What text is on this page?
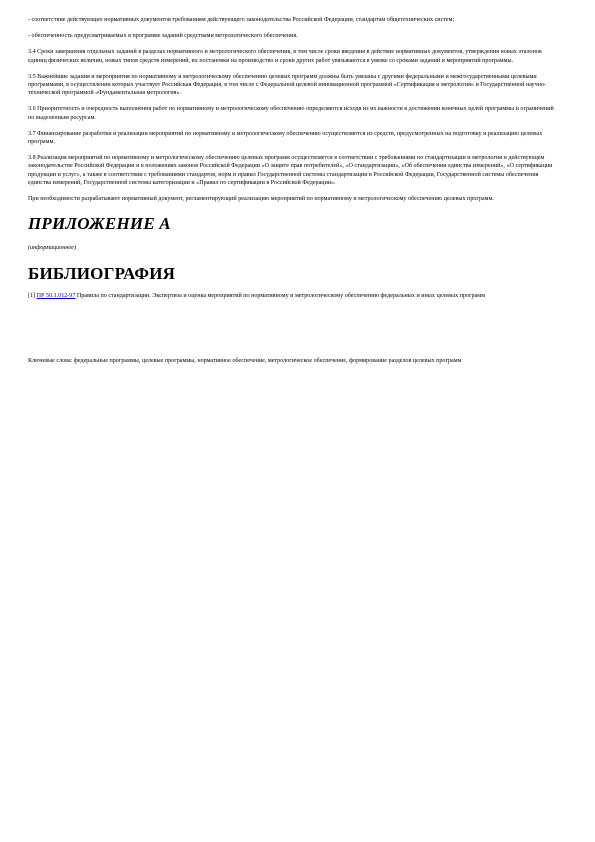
- соответствие действующих нормативных документов требованиям действующего законодательства Российской Федерации, стандартам общетехнических систем;

- обеспеченность предусматриваемых в программе заданий средствами метрологического обеспечения.

3.4 Сроки завершения отдельных заданий в разделах нормативного и метрологического обеспечения, в том числе сроки введения в действие нормативных документов, утверждения новых эталонов единиц физических величин, новых типов средств измерений, их постановки на производство и сроки других работ увязываются в увязке со сроками заданий и мероприятий программы.

3.5 Важнейшие задания и мероприятия по нормативному и метрологическому обеспечению целевых программ должны быть увязаны с другими федеральными и межгосударственными целевыми программами, в осуществлении которых участвует Российская Федерация, в том числе с Федеральной целевой инновационной программой «Сертификация и метрология» и Государственной научно-технической программой «Фундаментальная метрология».

3.6 Приоритетность и очередность выполнения работ по нормативному и метрологическому обеспечению определяются исходя из их важности в достижении конечных целей программы и ограничений по выделенным ресурсам.

3.7 Финансирование разработки и реализации мероприятий по нормативному и метрологическому обеспечению осуществляются из средств, предусмотренных на подготовку и реализацию целевых программ.

3.8 Реализация мероприятий по нормативному и метрологическому обеспечению целевых программ осуществляется в соответствии с требованиями по стандартизации и метрологии в действующем законодательстве Российской Федерации и в положениях законов Российской Федерации «О защите прав потребителей», «О стандартизации», «Об обеспечении единства измерений», «О сертификации продукции и услуг», а также в соответствии с требованиями стандартов, норм и правил Государственной системы стандартизации в Российской Федерации, Государственной системы обеспечения единства измерений, Государственной системы категоризации и «Правил по сертификации в Российской Федерации».

При необходимости разрабатывают нормативный документ, регламентирующий реализацию мероприятий по нормативному и метрологическому обеспечению целевых программ.

ПРИЛОЖЕНИЕ А

(информационное)

БИБЛИОГРАФИЯ

[1] ПР 50.1.012-97 Правила по стандартизации. Экспертиза и оценка мероприятий по нормативному и метрологическому обеспечению федеральных и иных целевых программ

Ключевые слова: федеральные программы, целевые программы, нормативное обеспечение, метрологическое обеспечение, формирование разделов целевых программ
